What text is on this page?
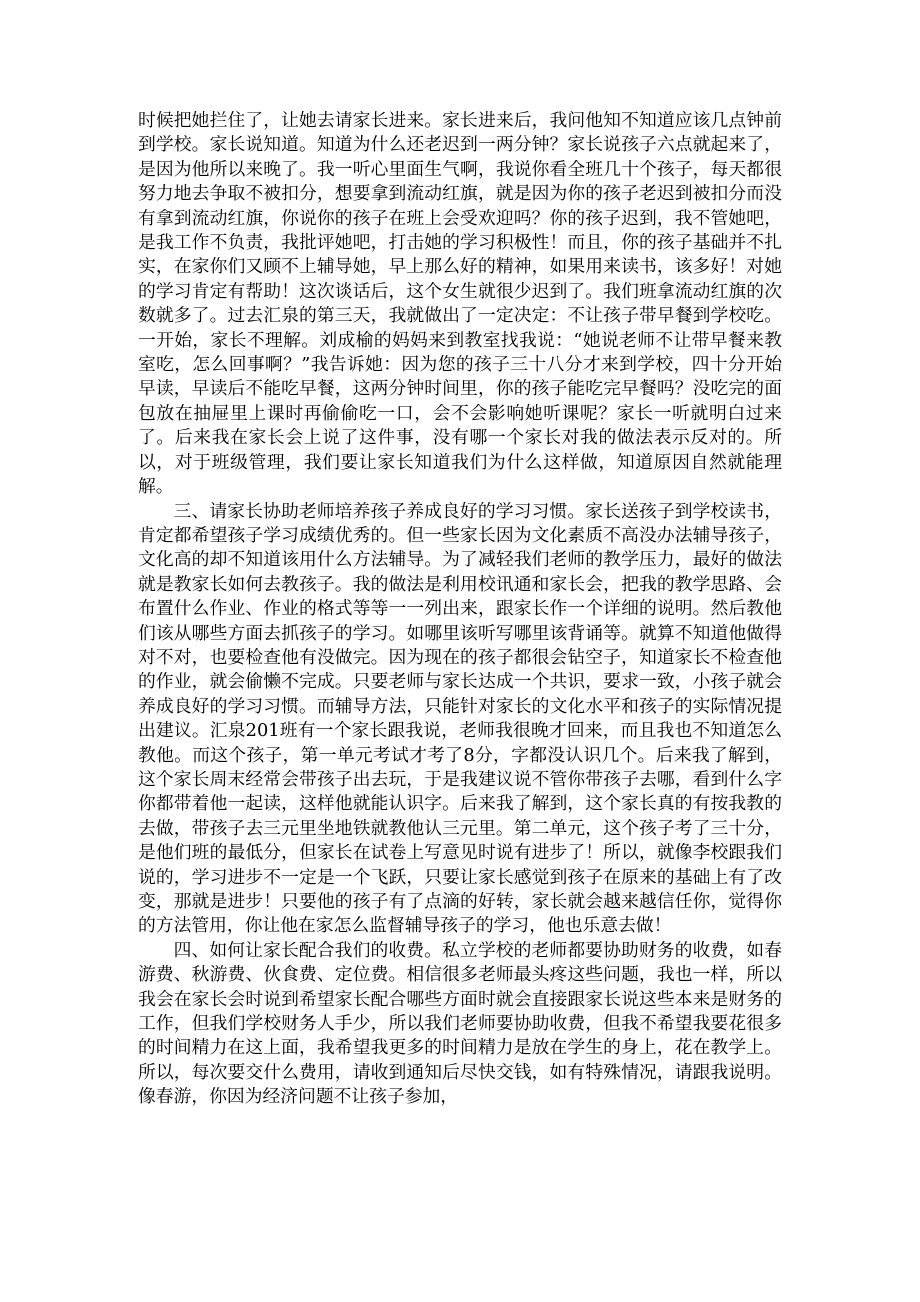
时候把她拦住了，让她去请家长进来。家长进来后，我问他知不知道应该几点钟前到学校。家长说知道。知道为什么还老迟到一两分钟？家长说孩子六点就起来了，是因为他所以来晚了。我一听心里面生气啊，我说你看全班几十个孩子，每天都很努力地去争取不被扣分，想要拿到流动红旗，就是因为你的孩子老迟到被扣分而没有拿到流动红旗，你说你的孩子在班上会受欢迎吗？你的孩子迟到，我不管她吧，是我工作不负责，我批评她吧，打击她的学习积极性！而且，你的孩子基础并不扎实，在家你们又顾不上辅导她，早上那么好的精神，如果用来读书，该多好！对她的学习肯定有帮助！这次谈话后，这个女生就很少迟到了。我们班拿流动红旗的次数就多了。过去汇泉的第三天，我就做出了一定决定：不让孩子带早餐到学校吃。一开始，家长不理解。刘成榆的妈妈来到教室找我说：“她说老师不让带早餐来教室吃，怎么回事啊？”我告诉她：因为您的孩子三十八分才来到学校，四十分开始早读，早读后不能吃早餐，这两分钟时间里，你的孩子能吃完早餐吗？没吃完的面包放在抽屉里上课时再偷偷吃一口，会不会影响她听课呢？家长一听就明白过来了。后来我在家长会上说了这件事，没有哪一个家长对我的做法表示反对的。所以，对于班级管理，我们要让家长知道我们为什么这样做，知道原因自然就能理解。

三、请家长协助老师培养孩子养成良好的学习习惯。家长送孩子到学校读书，肯定都希望孩子学习成绩优秀的。但一些家长因为文化素质不高没办法辅导孩子，文化高的却不知道该用什么方法辅导。为了减轻我们老师的教学压力，最好的做法就是教家长如何去教孩子。我的做法是利用校讯通和家长会，把我的教学思路、会布置什么作业、作业的格式等等一一列出来，跟家长作一个详细的说明。然后教他们该从哪些方面去抓孩子的学习。如哪里该听写哪里该背诵等。就算不知道他做得对不对，也要检查他有没做完。因为现在的孩子都很会钻空子，知道家长不检查他的作业，就会偷懒不完成。只要老师与家长达成一个共识，要求一致，小孩子就会养成良好的学习习惯。而辅导方法，只能针对家长的文化水平和孩子的实际情况提出建议。汇泉201班有一个家长跟我说，老师我很晚才回来，而且我也不知道怎么教他。而这个孩子，第一单元考试才考了8分，字都没认识几个。后来我了解到，这个家长周末经常会带孩子出去玩，于是我建议说不管你带孩子去哪，看到什么字你都带着他一起读，这样他就能认识字。后来我了解到，这个家长真的有按我教的去做，带孩子去三元里坐地铁就教他认三元里。第二单元，这个孩子考了三十分，是他们班的最低分，但家长在试卷上写意见时说有进步了！所以，就像李校跟我们说的，学习进步不一定是一个飞跃，只要让家长感觉到孩子在原来的基础上有了改变，那就是进步！只要他的孩子有了点滴的好转，家长就会越来越信任你，觉得你的方法管用，你让他在家怎么监督辅导孩子的学习，他也乐意去做！

四、如何让家长配合我们的收费。私立学校的老师都要协助财务的收费，如春游费、秋游费、伙食费、定位费。相信很多老师最头疼这些问题，我也一样，所以我会在家长会时说到希望家长配合哪些方面时就会直接跟家长说这些本来是财务的工作，但我们学校财务人手少，所以我们老师要协助收费，但我不希望我要花很多的时间精力在这上面，我希望我更多的时间精力是放在学生的身上，花在教学上。所以，每次要交什么费用，请收到通知后尽快交钱，如有特殊情况，请跟我说明。像春游，你因为经济问题不让孩子参加，
